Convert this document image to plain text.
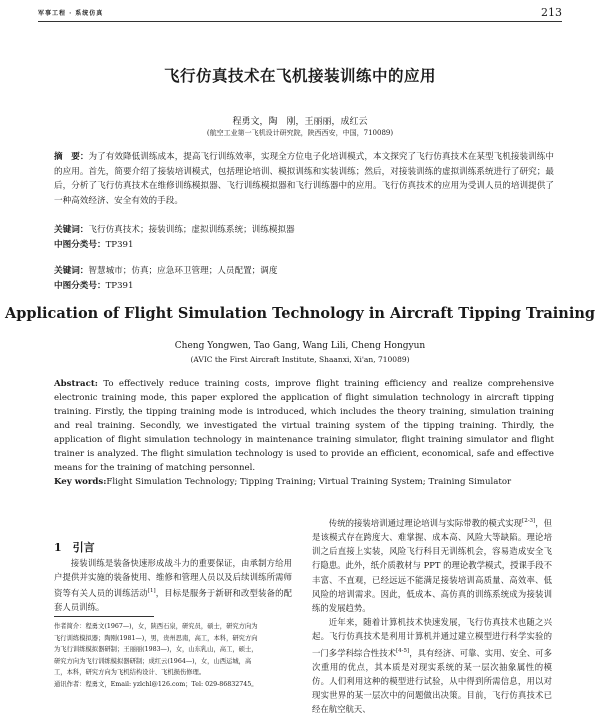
军事工程 · 系统仿真	213
飞行仿真技术在飞机接装训练中的应用
程勇文，陶　刚，王丽丽，成红云
(航空工业第一飞机设计研究院，陕西西安，中国，710089)
摘　要：为了有效降低训练成本，提高飞行训练效率，实现全方位电子化培训模式，本文探究了飞行仿真技术在某型飞机接装训练中的应用。首先，简要介绍了接装培训模式，包括理论培训、模拟训练和实装训练；然后，对接装训练的虚拟训练系统进行了研究；最后，分析了飞行仿真技术在维修训练模拟器、飞行训练模拟器和飞行训练器中的应用。飞行仿真技术的应用为受训人员的培训提供了一种高效经济、安全有效的手段。
关键词：飞行仿真技术；接装训练；虚拟训练系统；训练模拟器
中图分类号：TP391
关键词：智慧城市；仿真；应急环卫管理；人员配置；调度
中图分类号：TP391
Application of Flight Simulation Technology in Aircraft Tipping Training
Cheng Yongwen, Tao Gang, Wang Lili, Cheng Hongyun
(AVIC the First Aircraft Institute, Shaanxi, Xi'an, 710089)
Abstract: To effectively reduce training costs, improve flight training efficiency and realize comprehensive electronic training mode, this paper explored the application of flight simulation technology in aircraft tipping training. Firstly, the tipping training mode is introduced, which includes the theory training, simulation training and real training. Secondly, we investigated the virtual training system of the tipping training. Thirdly, the application of flight simulation technology in maintenance training simulator, flight training simulator and flight trainer is analyzed. The flight simulation technology is used to provide an efficient, economical, safe and effective means for the training of matching personnel.
Key words:Flight Simulation Technology; Tipping Training; Virtual Training System; Training Simulator
1　引言
接装训练是装备快速形成战斗力的重要保证，由承制方给用户提供并实施的装备使用、维修和管理人员以及后续训练所需师资等有关人员的训练活动[1]，目标是服务于新研和改型装备的配套人员训练。
作者简介：程勇文(1967—)，女，陕西石泉，研究员，硕士，研究方向为
飞行训练模拟器；陶刚(1981—)，男，贵州思南，高工，本科，研究方向
为飞行训练模拟器研制；王丽丽(1983—)，女，山东乳山，高工，硕士，
研究方向为飞行训练模拟器研制；成红云(1964—)，女，山西运城，高
工，本科，研究方向为飞机结构设计、飞机损伤修理。
通讯作者：程勇文，Email: yzlchl@126.com；Tel: 029-86832745。

传统的接装培训通过理论培训与实际带教的模式实现[2-3]，但是该模式存在跨度大、难掌握、成本高、风险大等缺陷。理论培训之后直接上实装，风险飞行科目无训练机会，容易造成安全飞行隐患。此外，纸介质教材与 PPT 的理论教学模式，授课手段不丰富、不直观，已经远远不能满足接装培训高质量、高效率、低风险的培训需求。因此，低成本、高仿真的训练系统成为接装训练的发展趋势。

近年来，随着计算机技术快速发展，飞行仿真技术也随之兴起。飞行仿真技术是利用计算机并通过建立模型进行科学实验的一门多学科综合性技术[4-5]，具有经济、可靠、实用、安全、可多次重用的优点，其本质是对现实系统的某一层次抽象属性的模仿。人们利用这种的模型进行试验，从中得到所需信息，用以对现实世界的某一层次中的问题做出决策。目前，飞行仿真技术已经在航空航天、
